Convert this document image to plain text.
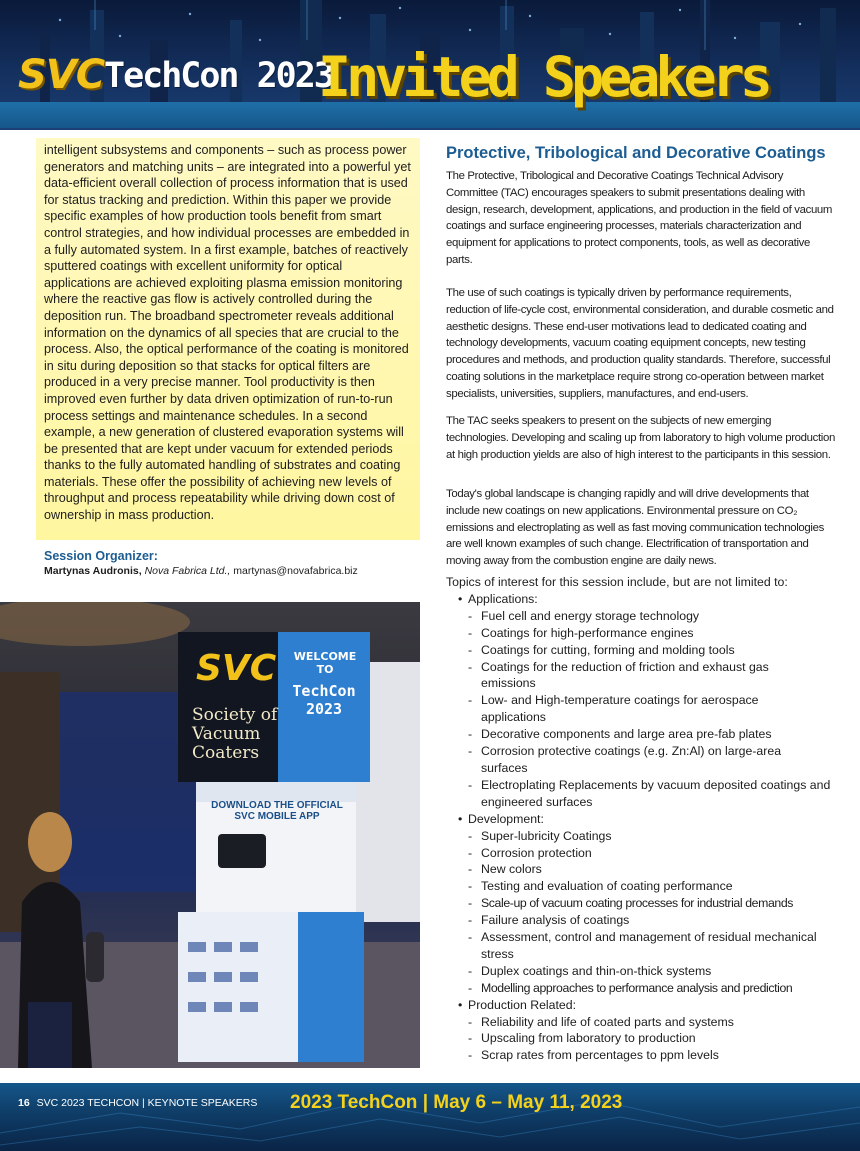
SVC TechCon 2023
Invited Speakers

intelligent subsystems and components – such as process power generators and matching units – are integrated into a powerful yet data-efficient overall collection of process information that is used for status tracking and prediction. Within this paper we provide specific examples of how production tools benefit from smart control strategies, and how individual processes are embedded in a fully automated system. In a first example, batches of reactively sputtered coatings with excellent uniformity for optical applications are achieved exploiting plasma emission monitoring where the reactive gas flow is actively controlled during the deposition run. The broadband spectrometer reveals additional information on the dynamics of all species that are crucial to the process. Also, the optical performance of the coating is monitored in situ during deposition so that stacks for optical filters are produced in a very precise manner. Tool productivity is then improved even further by data driven optimization of run-to-run process settings and maintenance schedules. In a second example, a new generation of clustered evaporation systems will be presented that are kept under vacuum for extended periods thanks to the fully automated handling of substrates and coating materials. These offer the possibility of achieving new levels of throughput and process repeatability while driving down cost of ownership in mass production.

Session Organizer:
Martynas Audronis, Nova Fabrica Ltd., martynas@novafabrica.biz
SVC
Society of Vacuum Coaters
WELCOME TO
TechCon 2023
DOWNLOAD THE OFFICIAL SVC MOBILE APP
Protective, Tribological and Decorative Coatings

The Protective, Tribological and Decorative Coatings Technical Advisory Committee (TAC) encourages speakers to submit presentations dealing with design, research, development, applications, and production in the field of vacuum coatings and surface engineering processes, materials characterization and equipment for applications to protect components, tools, as well as decorative parts.

The use of such coatings is typically driven by performance requirements, reduction of life-cycle cost, environmental consideration, and durable cosmetic and aesthetic designs. These end-user motivations lead to dedicated coating and technology developments, vacuum coating equipment concepts, new testing procedures and methods, and production quality standards. Therefore, successful coating solutions in the marketplace require strong co-operation between market specialists, universities, suppliers, manufactures, and end-users.

The TAC seeks speakers to present on the subjects of new emerging technologies. Developing and scaling up from laboratory to high volume production at high production yields are also of high interest to the participants in this session.

Today's global landscape is changing rapidly and will drive developments that include new coatings on new applications. Environmental pressure on CO₂ emissions and electroplating as well as fast moving communication technologies are well known examples of such change. Electrification of transportation and moving away from the combustion engine are daily news.

Topics of interest for this session include, but are not limited to:
• Applications:
- Fuel cell and energy storage technology
- Coatings for high-performance engines
- Coatings for cutting, forming and molding tools
- Coatings for the reduction of friction and exhaust gas emissions
- Low- and High-temperature coatings for aerospace applications
- Decorative components and large area pre-fab plates
- Corrosion protective coatings (e.g. Zn:Al) on large-area surfaces
- Electroplating Replacements by vacuum deposited coatings and engineered surfaces
• Development:
- Super-lubricity Coatings
- Corrosion protection
- New colors
- Testing and evaluation of coating performance
- Scale-up of vacuum coating processes for industrial demands
- Failure analysis of coatings
- Assessment, control and management of residual mechanical stress
- Duplex coatings and thin-on-thick systems
- Modelling approaches to performance analysis and prediction
• Production Related:
- Reliability and life of coated parts and systems
- Upscaling from laboratory to production
- Scrap rates from percentages to ppm levels
16 SVC 2023 TECHCON | KEYNOTE SPEAKERS 2023 TechCon | May 6 – May 11, 2023
